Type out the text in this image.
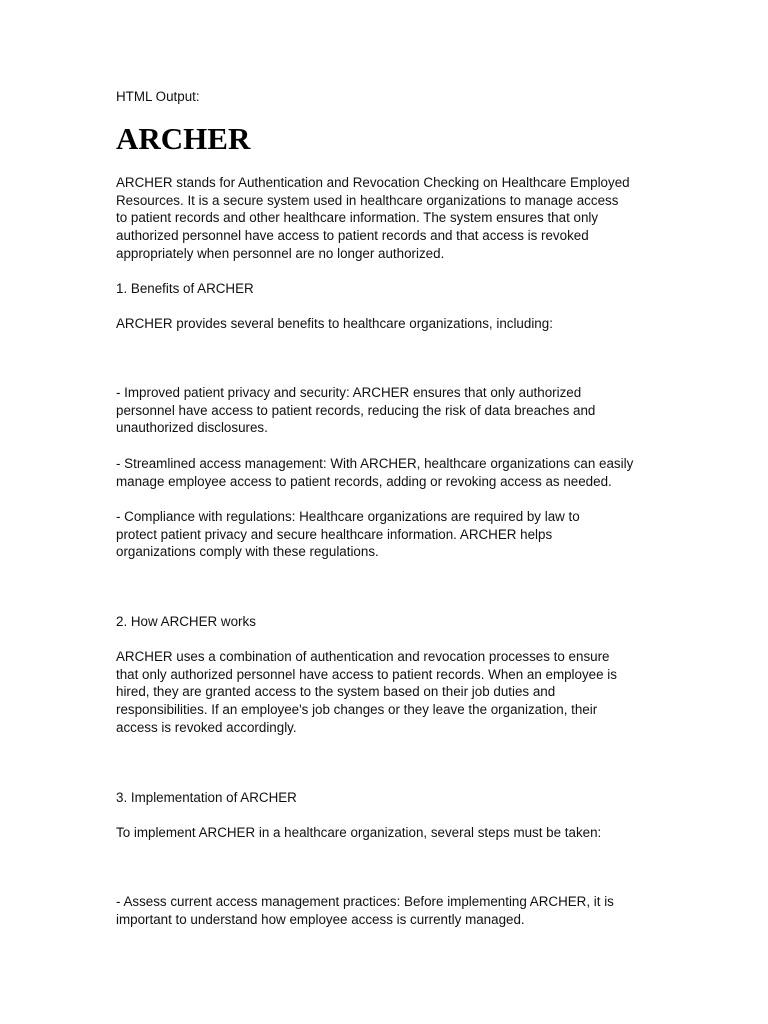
HTML Output:

ARCHER

ARCHER stands for Authentication and Revocation Checking on Healthcare Employed
Resources. It is a secure system used in healthcare organizations to manage access
to patient records and other healthcare information. The system ensures that only
authorized personnel have access to patient records and that access is revoked
appropriately when personnel are no longer authorized.

1. Benefits of ARCHER

ARCHER provides several benefits to healthcare organizations, including:

- Improved patient privacy and security: ARCHER ensures that only authorized
personnel have access to patient records, reducing the risk of data breaches and
unauthorized disclosures.

- Streamlined access management: With ARCHER, healthcare organizations can easily
manage employee access to patient records, adding or revoking access as needed.

- Compliance with regulations: Healthcare organizations are required by law to
protect patient privacy and secure healthcare information. ARCHER helps
organizations comply with these regulations.

2. How ARCHER works

ARCHER uses a combination of authentication and revocation processes to ensure
that only authorized personnel have access to patient records. When an employee is
hired, they are granted access to the system based on their job duties and
responsibilities. If an employee's job changes or they leave the organization, their
access is revoked accordingly.

3. Implementation of ARCHER

To implement ARCHER in a healthcare organization, several steps must be taken:

- Assess current access management practices: Before implementing ARCHER, it is
important to understand how employee access is currently managed.
